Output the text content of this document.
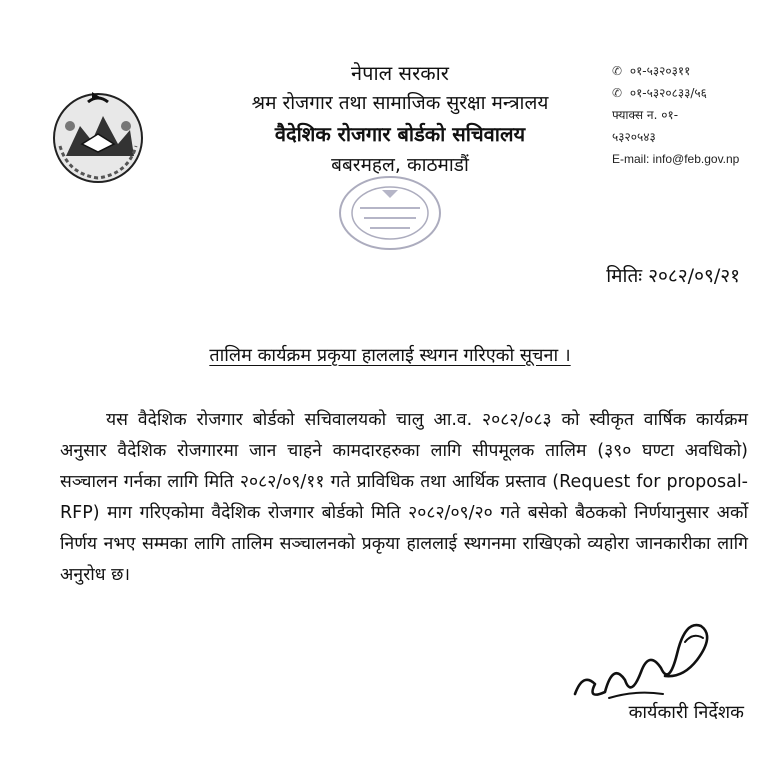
नेपाल सरकार
श्रम रोजगार तथा सामाजिक सुरक्षा मन्त्रालय
वैदेशिक रोजगार बोर्डको सचिवालय
बबरमहल, काठमाडौं
✆ ०१-५३२०३११
✆ ०१-५३२०८३३/५६
फ्याक्स न. ०१-
५३२०५४३
E-mail: info@feb.gov.np
मितिः २०८२/०९/२१
तालिम कार्यक्रम प्रकृया हाललाई स्थगन गरिएको सूचना ।

यस वैदेशिक रोजगार बोर्डको सचिवालयको चालु आ.व. २०८२/०८३ को स्वीकृत वार्षिक कार्यक्रम अनुसार वैदेशिक रोजगारमा जान चाहने कामदारहरुका लागि सीपमूलक तालिम (३९० घण्टा अवधिको) सञ्चालन गर्नका लागि मिति २०८२/०९/११ गते प्राविधिक तथा आर्थिक प्रस्ताव (Request for proposal- RFP) माग गरिएकोमा वैदेशिक रोजगार बोर्डको मिति २०८२/०९/२० गते बसेको बैठकको निर्णयानुसार अर्को निर्णय नभए सम्मका लागि तालिम सञ्चालनको प्रकृया हाललाई स्थगनमा राखिएको व्यहोरा जानकारीका लागि अनुरोध छ।

कार्यकारी निर्देशक
